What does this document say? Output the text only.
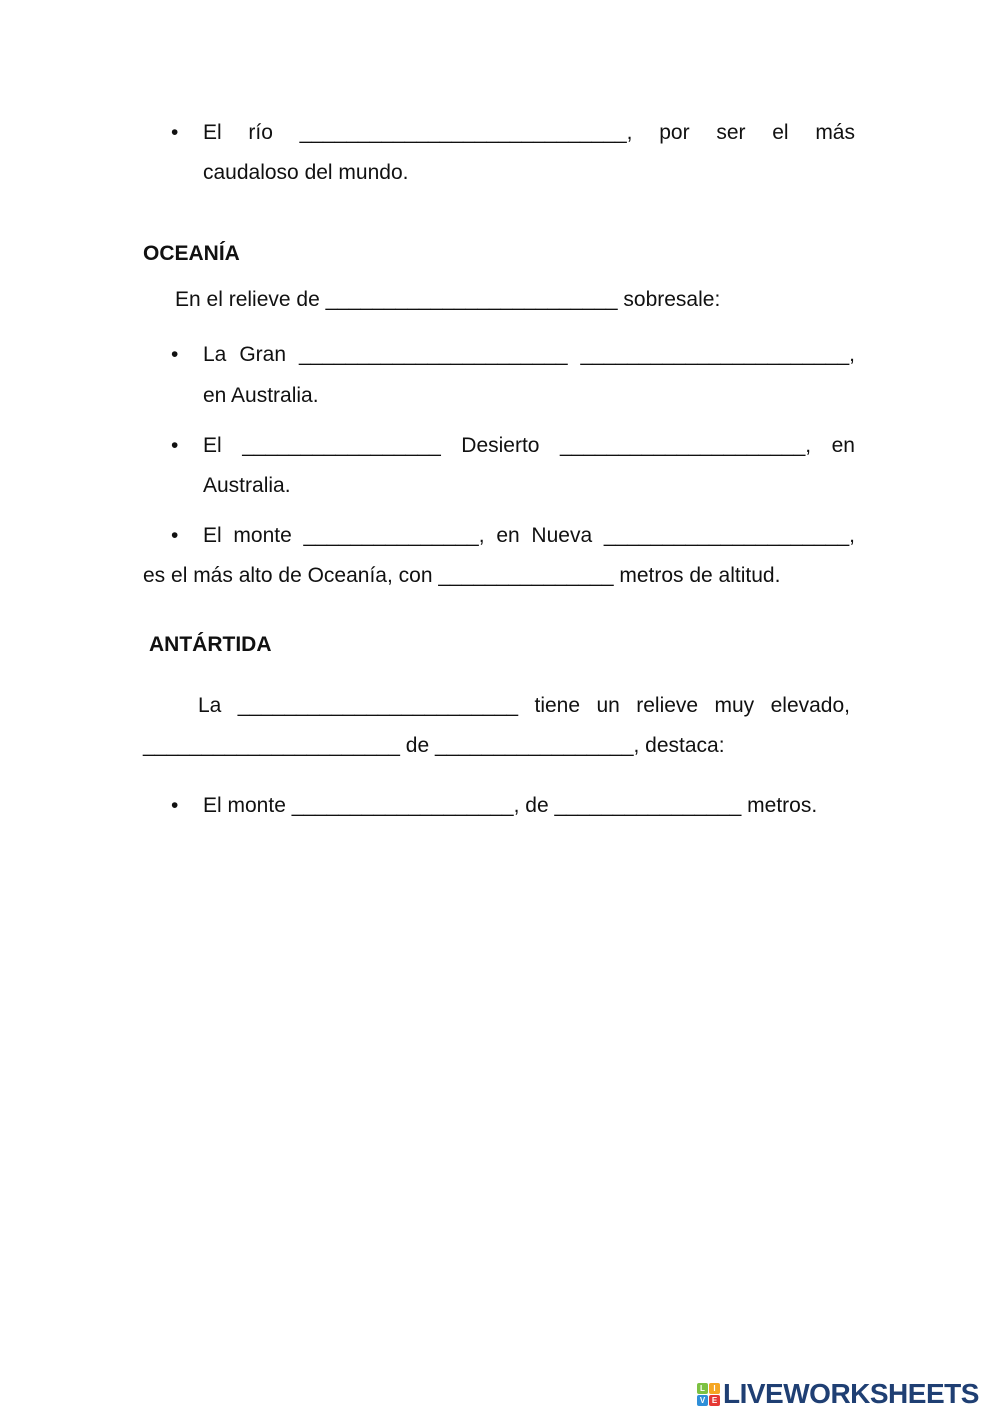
• El río ____________________________, por ser el más
caudaloso del mundo.
OCEANÍA
En el relieve de _________________________ sobresale:
• La Gran _______________________ _______________________,
en Australia.
• El _________________ Desierto _____________________, en
Australia.
• El monte _______________, en Nueva _____________________,
es el más alto de Oceanía, con _______________ metros de altitud.
ANTÁRTIDA
La ________________________ tiene un relieve muy elevado,
______________________ de _________________, destaca:
• El monte ___________________, de ________________ metros.
L	I
V E LIVEWORKSHEETS
